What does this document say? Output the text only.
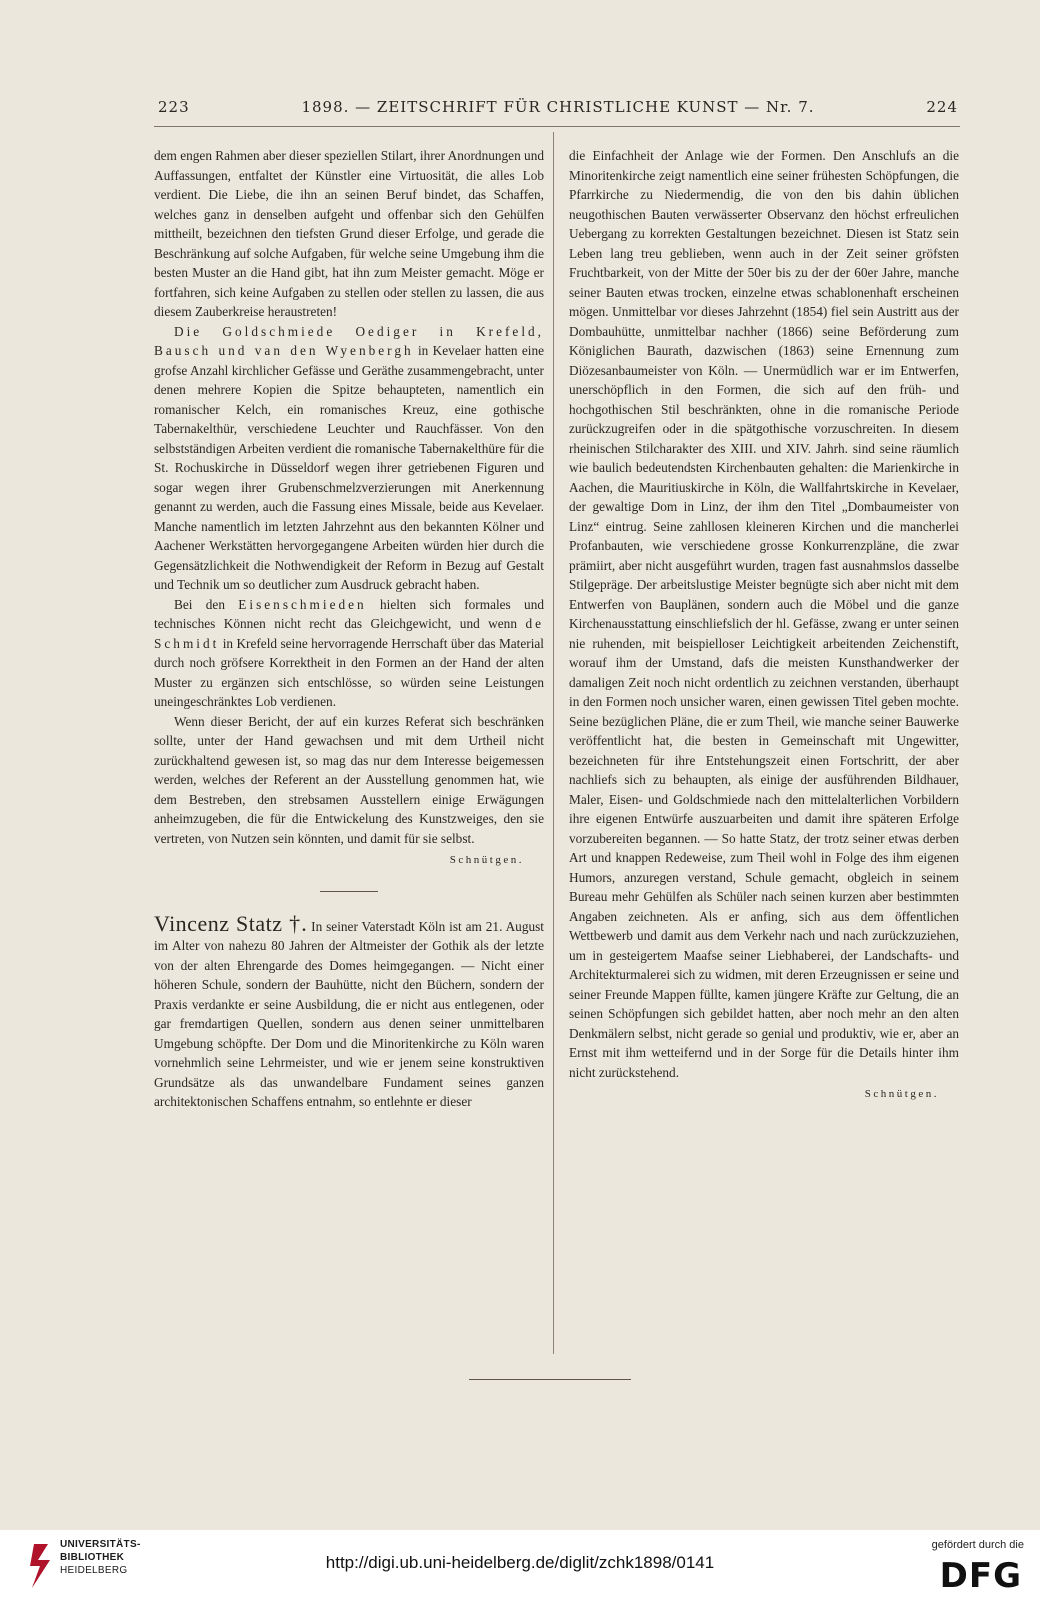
223	1898. — ZEITSCHRIFT FÜR CHRISTLICHE KUNST — Nr. 7.	224

dem engen Rahmen aber dieser speziellen Stilart, ihrer Anordnungen und Auffassungen, entfaltet der Künstler eine Virtuosität, die alles Lob verdient. Die Liebe, die ihn an seinen Beruf bindet, das Schaffen, welches ganz in denselben aufgeht und offenbar sich den Gehülfen mittheilt, bezeichnen den tiefsten Grund dieser Erfolge, und gerade die Beschränkung auf solche Aufgaben, für welche seine Umgebung ihm die besten Muster an die Hand gibt, hat ihn zum Meister gemacht. Möge er fortfahren, sich keine Aufgaben zu stellen oder stellen zu lassen, die aus diesem Zauberkreise heraustreten!

Die Goldschmiede Oediger in Krefeld, Bausch und van den Wyenbergh in Kevelaer hatten eine grofse Anzahl kirchlicher Gefässe und Geräthe zusammengebracht, unter denen mehrere Kopien die Spitze behaupteten, namentlich ein romanischer Kelch, ein romanisches Kreuz, eine gothische Tabernakelthür, verschiedene Leuchter und Rauchfässer. Von den selbstständigen Arbeiten verdient die romanische Tabernakelthüre für die St. Rochuskirche in Düsseldorf wegen ihrer getriebenen Figuren und sogar wegen ihrer Grubenschmelzverzierungen mit Anerkennung genannt zu werden, auch die Fassung eines Missale, beide aus Kevelaer. Manche namentlich im letzten Jahrzehnt aus den bekannten Kölner und Aachener Werkstätten hervorgegangene Arbeiten würden hier durch die Gegensätzlichkeit die Nothwendigkeit der Reform in Bezug auf Gestalt und Technik um so deutlicher zum Ausdruck gebracht haben.

Bei den Eisenschmieden hielten sich formales und technisches Können nicht recht das Gleichgewicht, und wenn de Schmidt in Krefeld seine hervorragende Herrschaft über das Material durch noch gröfsere Korrektheit in den Formen an der Hand der alten Muster zu ergänzen sich entschlösse, so würden seine Leistungen uneingeschränktes Lob verdienen.

Wenn dieser Bericht, der auf ein kurzes Referat sich beschränken sollte, unter der Hand gewachsen und mit dem Urtheil nicht zurückhaltend gewesen ist, so mag das nur dem Interesse beigemessen werden, welches der Referent an der Ausstellung genommen hat, wie dem Bestreben, den strebsamen Ausstellern einige Erwägungen anheimzugeben, die für die Entwickelung des Kunstzweiges, den sie vertreten, von Nutzen sein könnten, und damit für sie selbst.

Schnütgen.

Vincenz Statz †. In seiner Vaterstadt Köln ist am 21. August im Alter von nahezu 80 Jahren der Altmeister der Gothik als der letzte von der alten Ehrengarde des Domes heimgegangen. — Nicht einer höheren Schule, sondern der Bauhütte, nicht den Büchern, sondern der Praxis verdankte er seine Ausbildung, die er nicht aus entlegenen, oder gar fremdartigen Quellen, sondern aus denen seiner unmittelbaren Umgebung schöpfte. Der Dom und die Minoritenkirche zu Köln waren vornehmlich seine Lehrmeister, und wie er jenem seine konstruktiven Grundsätze als das unwandelbare Fundament seines ganzen architektonischen Schaffens entnahm, so entlehnte er dieser

die Einfachheit der Anlage wie der Formen. Den Anschlufs an die Minoritenkirche zeigt namentlich eine seiner frühesten Schöpfungen, die Pfarrkirche zu Niedermendig, die von den bis dahin üblichen neugothischen Bauten verwässerter Observanz den höchst erfreulichen Uebergang zu korrekten Gestaltungen bezeichnet. Diesen ist Statz sein Leben lang treu geblieben, wenn auch in der Zeit seiner gröfsten Fruchtbarkeit, von der Mitte der 50er bis zu der der 60er Jahre, manche seiner Bauten etwas trocken, einzelne etwas schablonenhaft erscheinen mögen. Unmittelbar vor dieses Jahrzehnt (1854) fiel sein Austritt aus der Dombauhütte, unmittelbar nachher (1866) seine Beförderung zum Königlichen Baurath, dazwischen (1863) seine Ernennung zum Diözesanbaumeister von Köln. — Unermüdlich war er im Entwerfen, unerschöpflich in den Formen, die sich auf den früh- und hochgothischen Stil beschränkten, ohne in die romanische Periode zurückzugreifen oder in die spätgothische vorzuschreiten. In diesem rheinischen Stilcharakter des XIII. und XIV. Jahrh. sind seine räumlich wie baulich bedeutendsten Kirchenbauten gehalten: die Marienkirche in Aachen, die Mauritiuskirche in Köln, die Wallfahrtskirche in Kevelaer, der gewaltige Dom in Linz, der ihm den Titel „Dombaumeister von Linz“ eintrug. Seine zahllosen kleineren Kirchen und die mancherlei Profanbauten, wie verschiedene grosse Konkurrenzpläne, die zwar prämiirt, aber nicht ausgeführt wurden, tragen fast ausnahmslos dasselbe Stilgepräge. Der arbeitslustige Meister begnügte sich aber nicht mit dem Entwerfen von Bauplänen, sondern auch die Möbel und die ganze Kirchenausstattung einschliefslich der hl. Gefässe, zwang er unter seinen nie ruhenden, mit beispielloser Leichtigkeit arbeitenden Zeichenstift, worauf ihm der Umstand, dafs die meisten Kunsthandwerker der damaligen Zeit noch nicht ordentlich zu zeichnen verstanden, überhaupt in den Formen noch unsicher waren, einen gewissen Titel geben mochte. Seine bezüglichen Pläne, die er zum Theil, wie manche seiner Bauwerke veröffentlicht hat, die besten in Gemeinschaft mit Ungewitter, bezeichneten für ihre Entstehungszeit einen Fortschritt, der aber nachliefs sich zu behaupten, als einige der ausführenden Bildhauer, Maler, Eisen- und Goldschmiede nach den mittelalterlichen Vorbildern ihre eigenen Entwürfe auszuarbeiten und damit ihre späteren Erfolge vorzubereiten begannen. — So hatte Statz, der trotz seiner etwas derben Art und knappen Redeweise, zum Theil wohl in Folge des ihm eigenen Humors, anzuregen verstand, Schule gemacht, obgleich in seinem Bureau mehr Gehülfen als Schüler nach seinen kurzen aber bestimmten Angaben zeichneten. Als er anfing, sich aus dem öffentlichen Wettbewerb und damit aus dem Verkehr nach und nach zurückzuziehen, um in gesteigertem Maafse seiner Liebhaberei, der Landschafts- und Architekturmalerei sich zu widmen, mit deren Erzeugnissen er seine und seiner Freunde Mappen füllte, kamen jüngere Kräfte zur Geltung, die an seinen Schöpfungen sich gebildet hatten, aber noch mehr an den alten Denkmälern selbst, nicht gerade so genial und produktiv, wie er, aber an Ernst mit ihm wetteifernd und in der Sorge für die Details hinter ihm nicht zurückstehend.

Schnütgen.
UNIVERSITÄTS-
BIBLIOTHEK
HEIDELBERG	http://digi.ub.uni-heidelberg.de/diglit/zchk1898/0141
gefördert durch die
DFG
